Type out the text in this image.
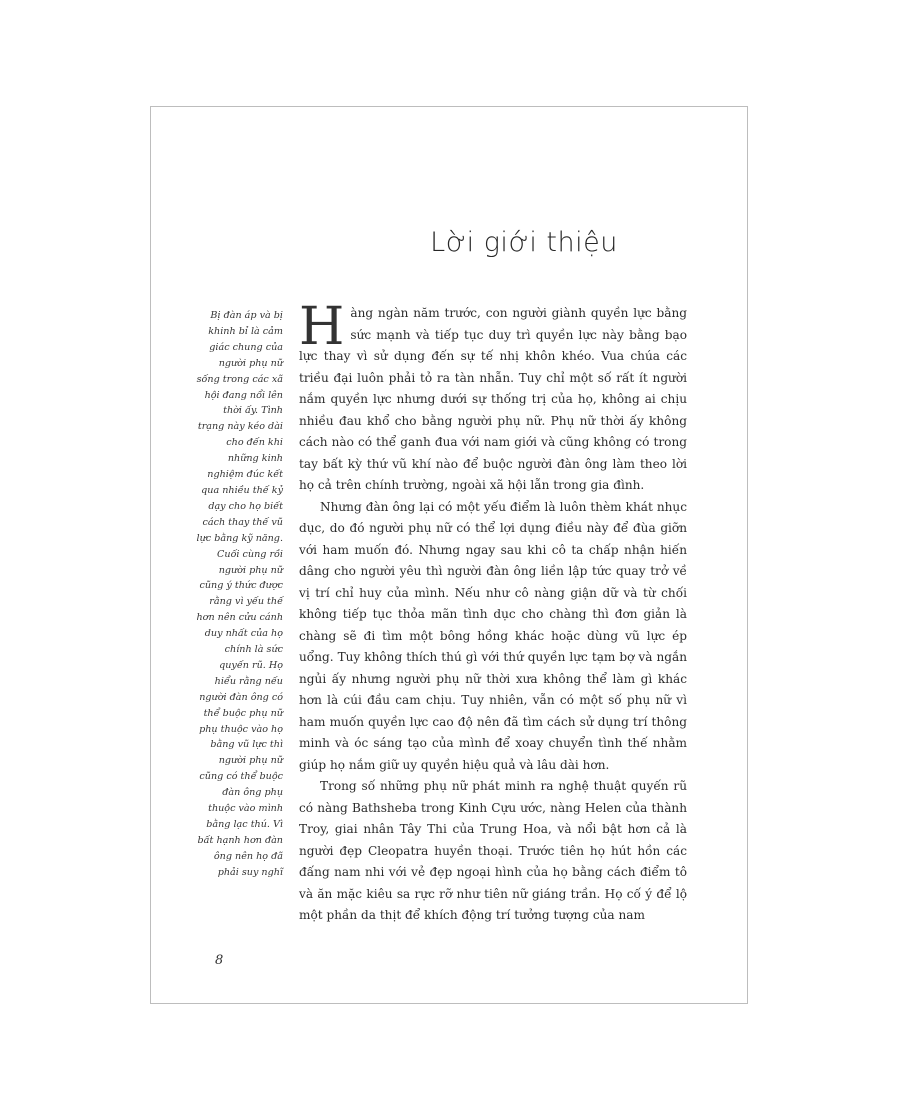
Lời giới thiệu

Bị đàn áp và bị khinh bỉ là cảm giác chung của người phụ nữ sống trong các xã hội đang nổi lên thời ấy. Tình trạng này kéo dài cho đến khi những kinh nghiệm đúc kết qua nhiều thế kỷ dạy cho họ biết cách thay thế vũ lực bằng kỹ năng. Cuối cùng rồi người phụ nữ cũng ý thức được rằng vì yếu thế hơn nên cửu cánh duy nhất của họ chính là sức quyến rũ. Họ hiểu rằng nếu người đàn ông có thể buộc phụ nữ phụ thuộc vào họ bằng vũ lực thì người phụ nữ cũng có thể buộc đàn ông phụ thuộc vào mình bằng lạc thú. Vì bất hạnh hơn đàn ông nên họ đã phải suy nghĩ

Hàng ngàn năm trước, con người giành quyền lực bằng sức mạnh và tiếp tục duy trì quyền lực này bằng bạo lực thay vì sử dụng đến sự tế nhị khôn khéo. Vua chúa các triều đại luôn phải tỏ ra tàn nhẫn. Tuy chỉ một số rất ít người nắm quyền lực nhưng dưới sự thống trị của họ, không ai chịu nhiều đau khổ cho bằng người phụ nữ. Phụ nữ thời ấy không cách nào có thể ganh đua với nam giới và cũng không có trong tay bất kỳ thứ vũ khí nào để buộc người đàn ông làm theo lời họ cả trên chính trường, ngoài xã hội lẫn trong gia đình.

Nhưng đàn ông lại có một yếu điểm là luôn thèm khát nhục dục, do đó người phụ nữ có thể lợi dụng điều này để đùa giỡn với ham muốn đó. Nhưng ngay sau khi cô ta chấp nhận hiến dâng cho người yêu thì người đàn ông liền lập tức quay trở về vị trí chỉ huy của mình. Nếu như cô nàng giận dữ và từ chối không tiếp tục thỏa mãn tình dục cho chàng thì đơn giản là chàng sẽ đi tìm một bông hồng khác hoặc dùng vũ lực ép uổng. Tuy không thích thú gì với thứ quyền lực tạm bợ và ngắn ngủi ấy nhưng người phụ nữ thời xưa không thể làm gì khác hơn là cúi đầu cam chịu. Tuy nhiên, vẫn có một số phụ nữ vì ham muốn quyền lực cao độ nên đã tìm cách sử dụng trí thông minh và óc sáng tạo của mình để xoay chuyển tình thế nhằm giúp họ nắm giữ uy quyền hiệu quả và lâu dài hơn.

Trong số những phụ nữ phát minh ra nghệ thuật quyến rũ có nàng Bathsheba trong Kinh Cựu ước, nàng Helen của thành Troy, giai nhân Tây Thi của Trung Hoa, và nổi bật hơn cả là người đẹp Cleopatra huyền thoại. Trước tiên họ hút hồn các đấng nam nhi với vẻ đẹp ngoại hình của họ bằng cách điểm tô và ăn mặc kiêu sa rực rỡ như tiên nữ giáng trần. Họ cố ý để lộ một phần da thịt để khích động trí tưởng tượng của nam

8
